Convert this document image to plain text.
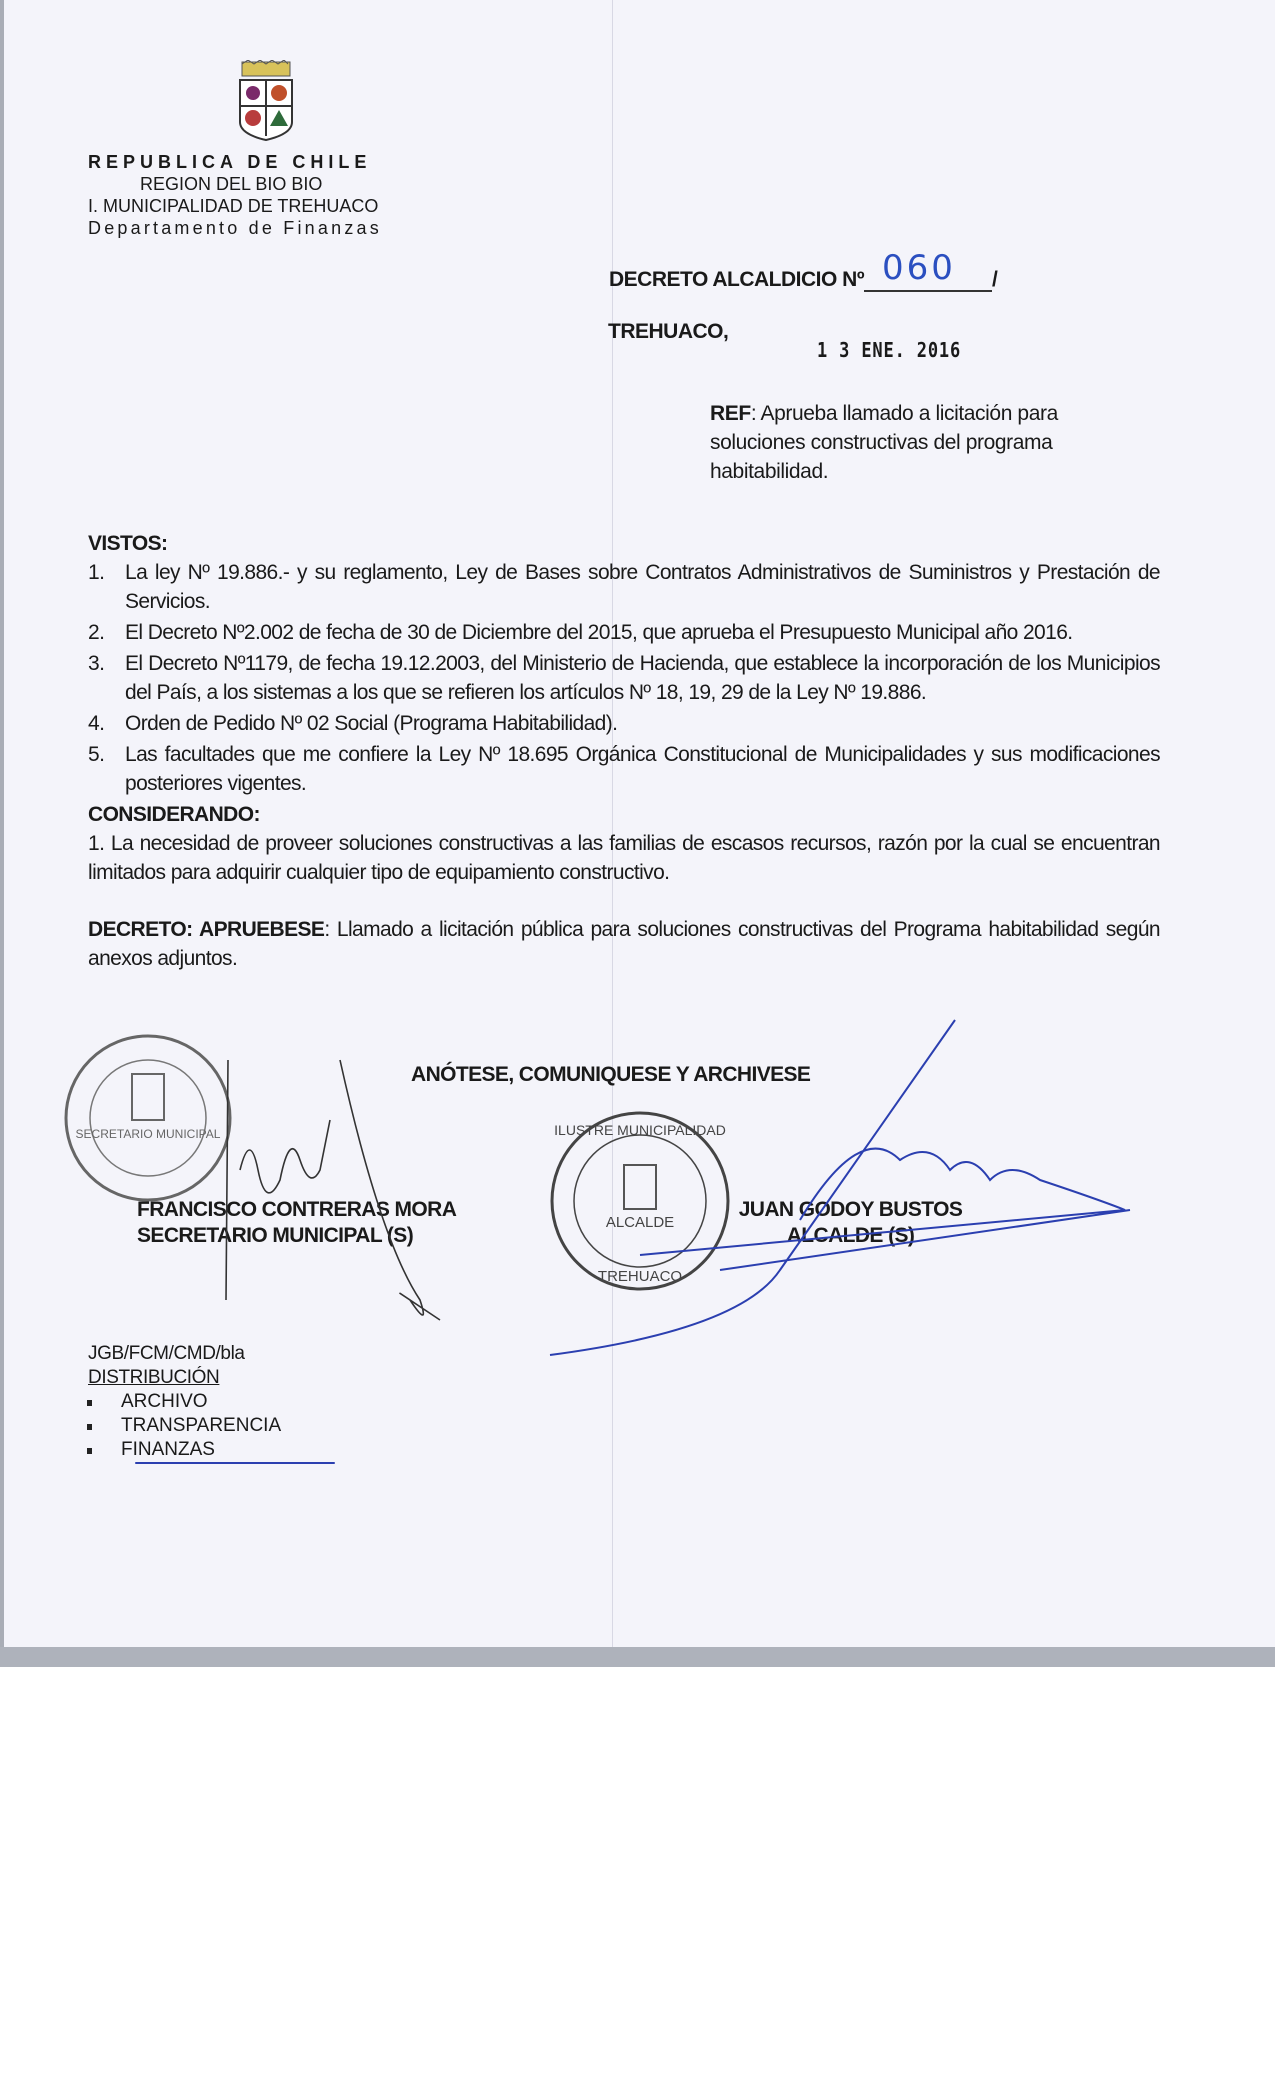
REPUBLICA DE CHILE
REGION DEL BIO BIO
I. MUNICIPALIDAD DE TREHUACO
Departamento de Finanzas
DECRETO ALCALDICIO Nº 060 /
TREHUACO,
1 3 ENE. 2016
REF: Aprueba llamado a licitación para soluciones constructivas del programa habitabilidad.
VISTOS:
1. La ley Nº 19.886.- y su reglamento, Ley de Bases sobre Contratos Administrativos de Suministros y Prestación de Servicios.
2. El Decreto Nº2.002 de fecha de 30 de Diciembre del 2015, que aprueba el Presupuesto Municipal año 2016.
3. El Decreto Nº1179, de fecha 19.12.2003, del Ministerio de Hacienda, que establece la incorporación de los Municipios del País, a los sistemas a los que se refieren los artículos Nº 18, 19, 29 de la Ley Nº 19.886.
4. Orden de Pedido Nº 02 Social (Programa Habitabilidad).
5. Las facultades que me confiere la Ley Nº 18.695 Orgánica Constitucional de Municipalidades y sus modificaciones posteriores vigentes.
CONSIDERANDO:
1. La necesidad de proveer soluciones constructivas a las familias de escasos recursos, razón por la cual se encuentran limitados para adquirir cualquier tipo de equipamiento constructivo.
DECRETO: APRUEBESE: Llamado a licitación pública para soluciones constructivas del Programa habitabilidad según anexos adjuntos.
ANÓTESE, COMUNIQUESE Y ARCHIVESE
SECRETARIO MUNICIPAL
ALCALDE
ILUSTRE MUNICIPALIDAD
TREHUACO
FRANCISCO CONTRERAS MORA
SECRETARIO MUNICIPAL (S)
JUAN GODOY BUSTOS
ALCALDE (S)
JGB/FCM/CMD/bla
DISTRIBUCIÓN
ARCHIVO
TRANSPARENCIA
FINANZAS
